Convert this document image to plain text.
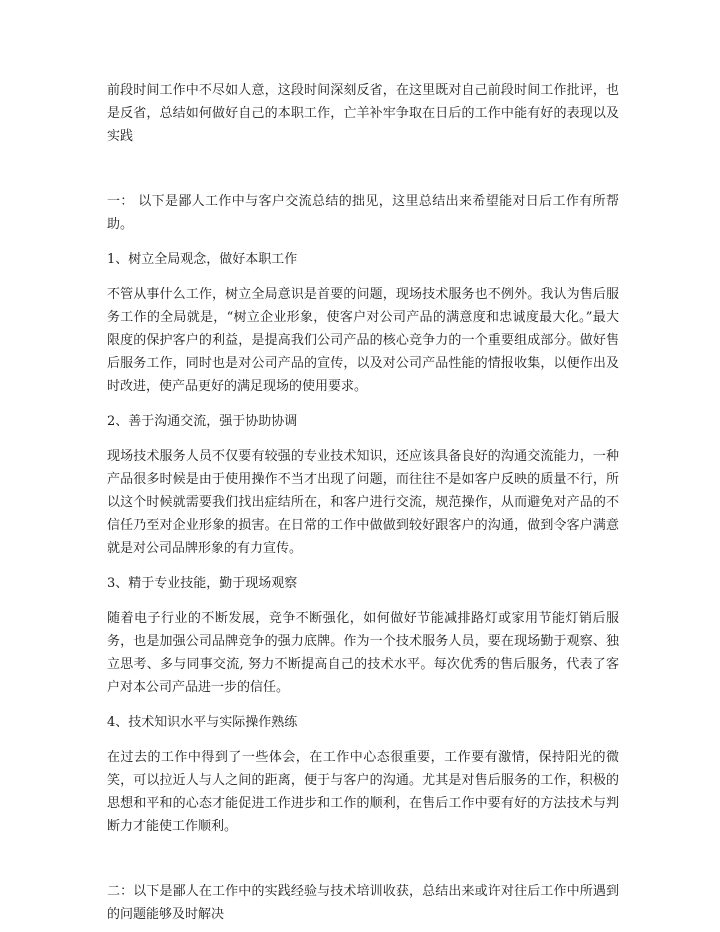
前段时间工作中不尽如人意，这段时间深刻反省，在这里既对自己前段时间工作批评，也是反省，总结如何做好自己的本职工作，亡羊补牢争取在日后的工作中能有好的表现以及实践

一： 以下是鄙人工作中与客户交流总结的拙见，这里总结出来希望能对日后工作有所帮助。

1、树立全局观念，做好本职工作

不管从事什么工作，树立全局意识是首要的问题，现场技术服务也不例外。我认为售后服务工作的全局就是，“树立企业形象，使客户对公司产品的满意度和忠诚度最大化。”最大限度的保护客户的利益，是提高我们公司产品的核心竞争力的一个重要组成部分。做好售后服务工作，同时也是对公司产品的宣传，以及对公司产品性能的情报收集，以便作出及时改进，使产品更好的满足现场的使用要求。

2、善于沟通交流，强于协助协调

现场技术服务人员不仅要有较强的专业技术知识，还应该具备良好的沟通交流能力，一种产品很多时候是由于使用操作不当才出现了问题，而往往不是如客户反映的质量不行，所以这个时候就需要我们找出症结所在，和客户进行交流，规范操作，从而避免对产品的不信任乃至对企业形象的损害。在日常的工作中做做到较好跟客户的沟通，做到令客户满意就是对公司品牌形象的有力宣传。

3、精于专业技能，勤于现场观察

随着电子行业的不断发展，竞争不断强化，如何做好节能减排路灯或家用节能灯销后服务，也是加强公司品牌竞争的强力底牌。作为一个技术服务人员，要在现场勤于观察、独立思考、多与同事交流, 努力不断提高自己的技术水平。每次优秀的售后服务，代表了客户对本公司产品进一步的信任。

4、技术知识水平与实际操作熟练

在过去的工作中得到了一些体会，在工作中心态很重要，工作要有激情，保持阳光的微笑，可以拉近人与人之间的距离，便于与客户的沟通。尤其是对售后服务的工作，积极的思想和平和的心态才能促进工作进步和工作的顺利，在售后工作中要有好的方法技术与判断力才能使工作顺利。

二：以下是鄙人在工作中的实践经验与技术培训收获，总结出来或许对往后工作中所遇到的问题能够及时解决
